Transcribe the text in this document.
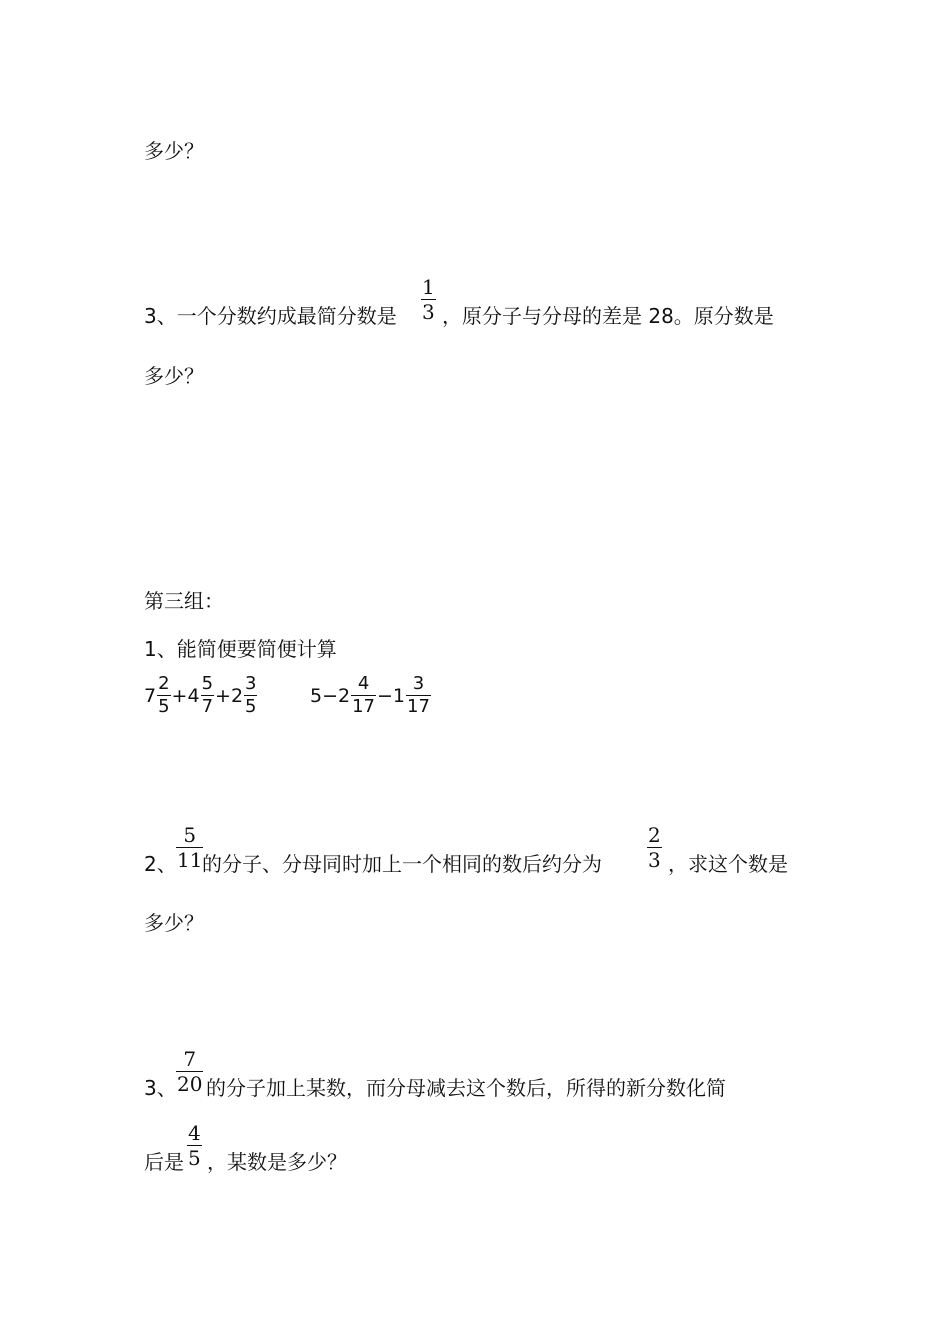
多少？
3、一个分数约成最简分数是
1
3 ，原分子与分母的差是 28。原分数是
多少？
第三组：
1、能简便要简便计算
$7 \frac{2}{5} + 4 \frac{5}{7} + 2 \frac{3}{5}$	$5-2 \frac{4}{17} -1 \frac{3}{17}$
2、
5
11 的分子、分母同时加上一个相同的数后约分为
2
3 ，求这个数是
多少？
3、
7
20 的分子加上某数，而分母减去这个数后，所得的新分数化简
后是
4
5 ，某数是多少？
